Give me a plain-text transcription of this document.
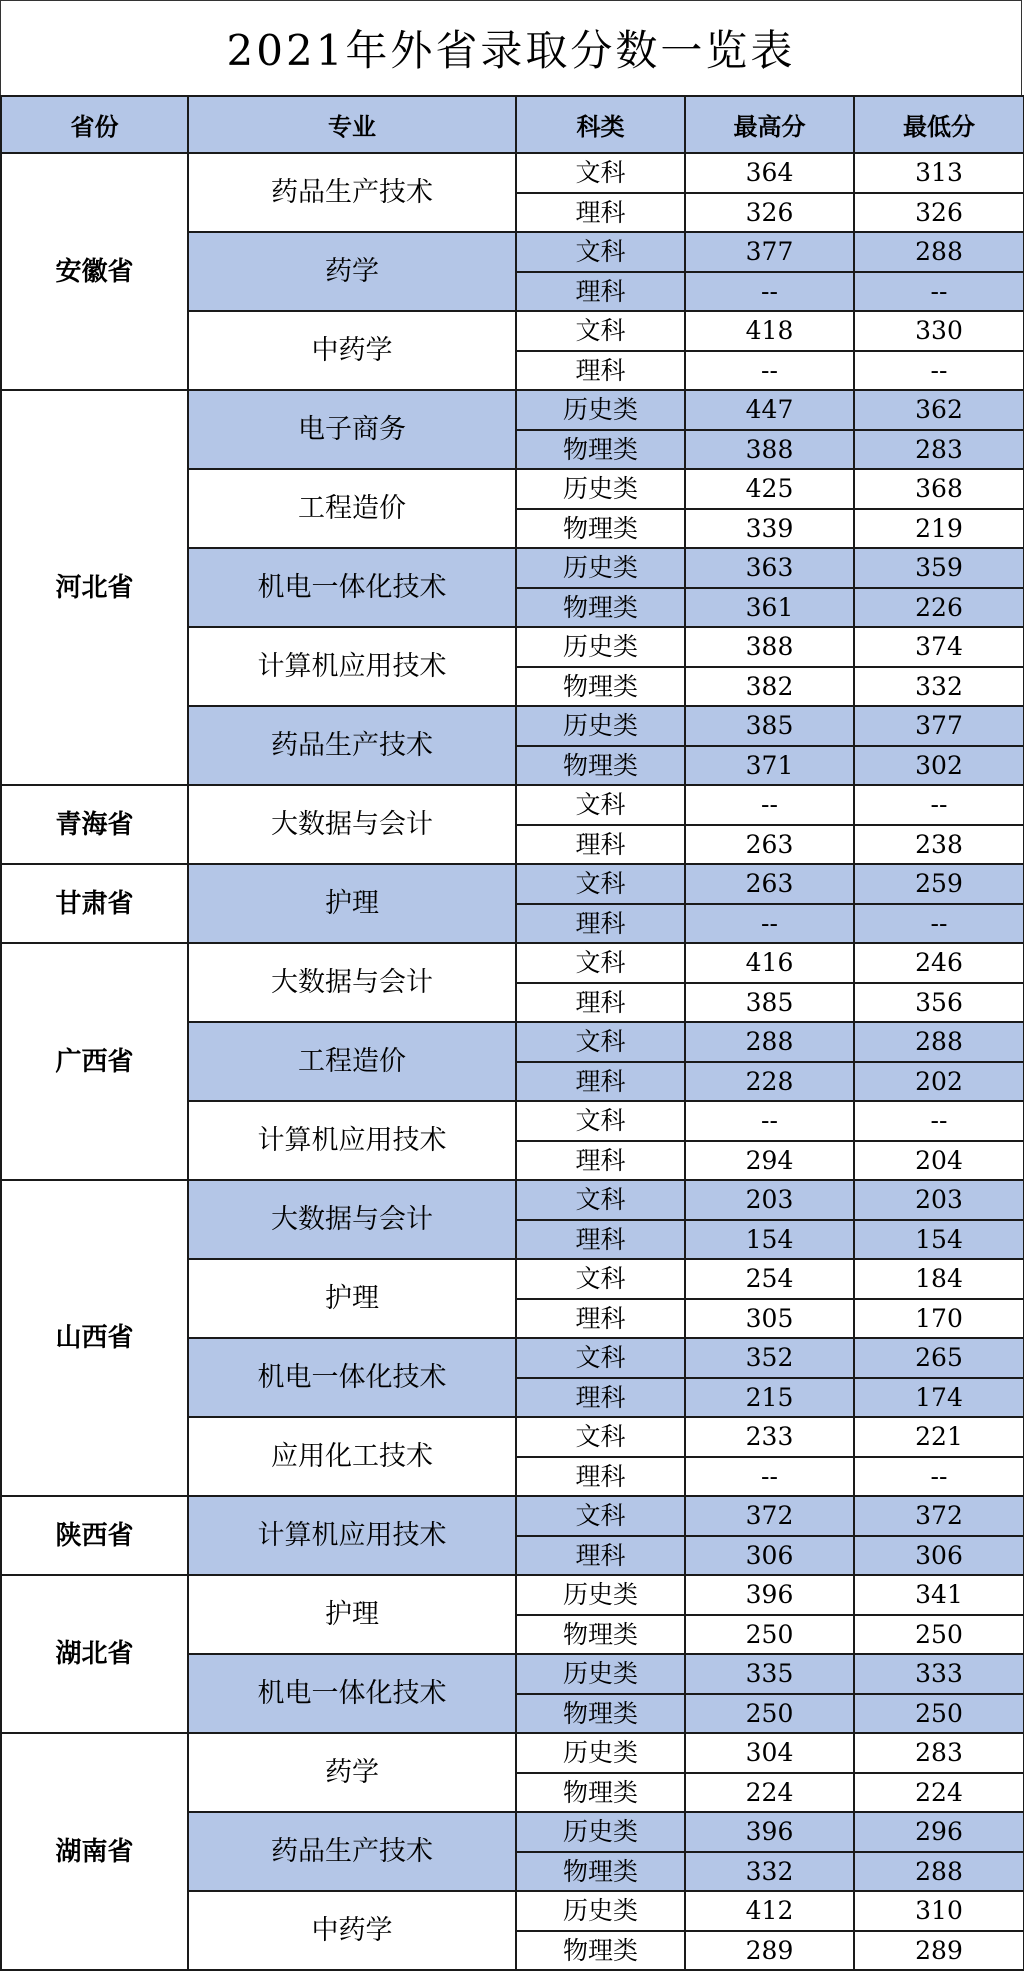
2021年外省录取分数一览表
省份	专业	科类	最高分	最低分
安徽省	药品生产技术	文科	364	313
		理科	326	326
	药学	文科	377	288
		理科	--	--
	中药学	文科	418	330
		理科	--	--
河北省	电子商务	历史类	447	362
		物理类	388	283
	工程造价	历史类	425	368
		物理类	339	219
	机电一体化技术	历史类	363	359
		物理类	361	226
	计算机应用技术	历史类	388	374
		物理类	382	332
	药品生产技术	历史类	385	377
		物理类	371	302
青海省	大数据与会计	文科	--	--
		理科	263	238
甘肃省	护理	文科	263	259
		理科	--	--
广西省	大数据与会计	文科	416	246
		理科	385	356
	工程造价	文科	288	288
		理科	228	202
	计算机应用技术	文科	--	--
		理科	294	204
山西省	大数据与会计	文科	203	203
		理科	154	154
	护理	文科	254	184
		理科	305	170
	机电一体化技术	文科	352	265
		理科	215	174
	应用化工技术	文科	233	221
		理科	--	--
陕西省	计算机应用技术	文科	372	372
		理科	306	306
湖北省	护理	历史类	396	341
		物理类	250	250
	机电一体化技术	历史类	335	333
		物理类	250	250
湖南省	药学	历史类	304	283
		物理类	224	224
	药品生产技术	历史类	396	296
		物理类	332	288
	中药学	历史类	412	310
		物理类	289	289
